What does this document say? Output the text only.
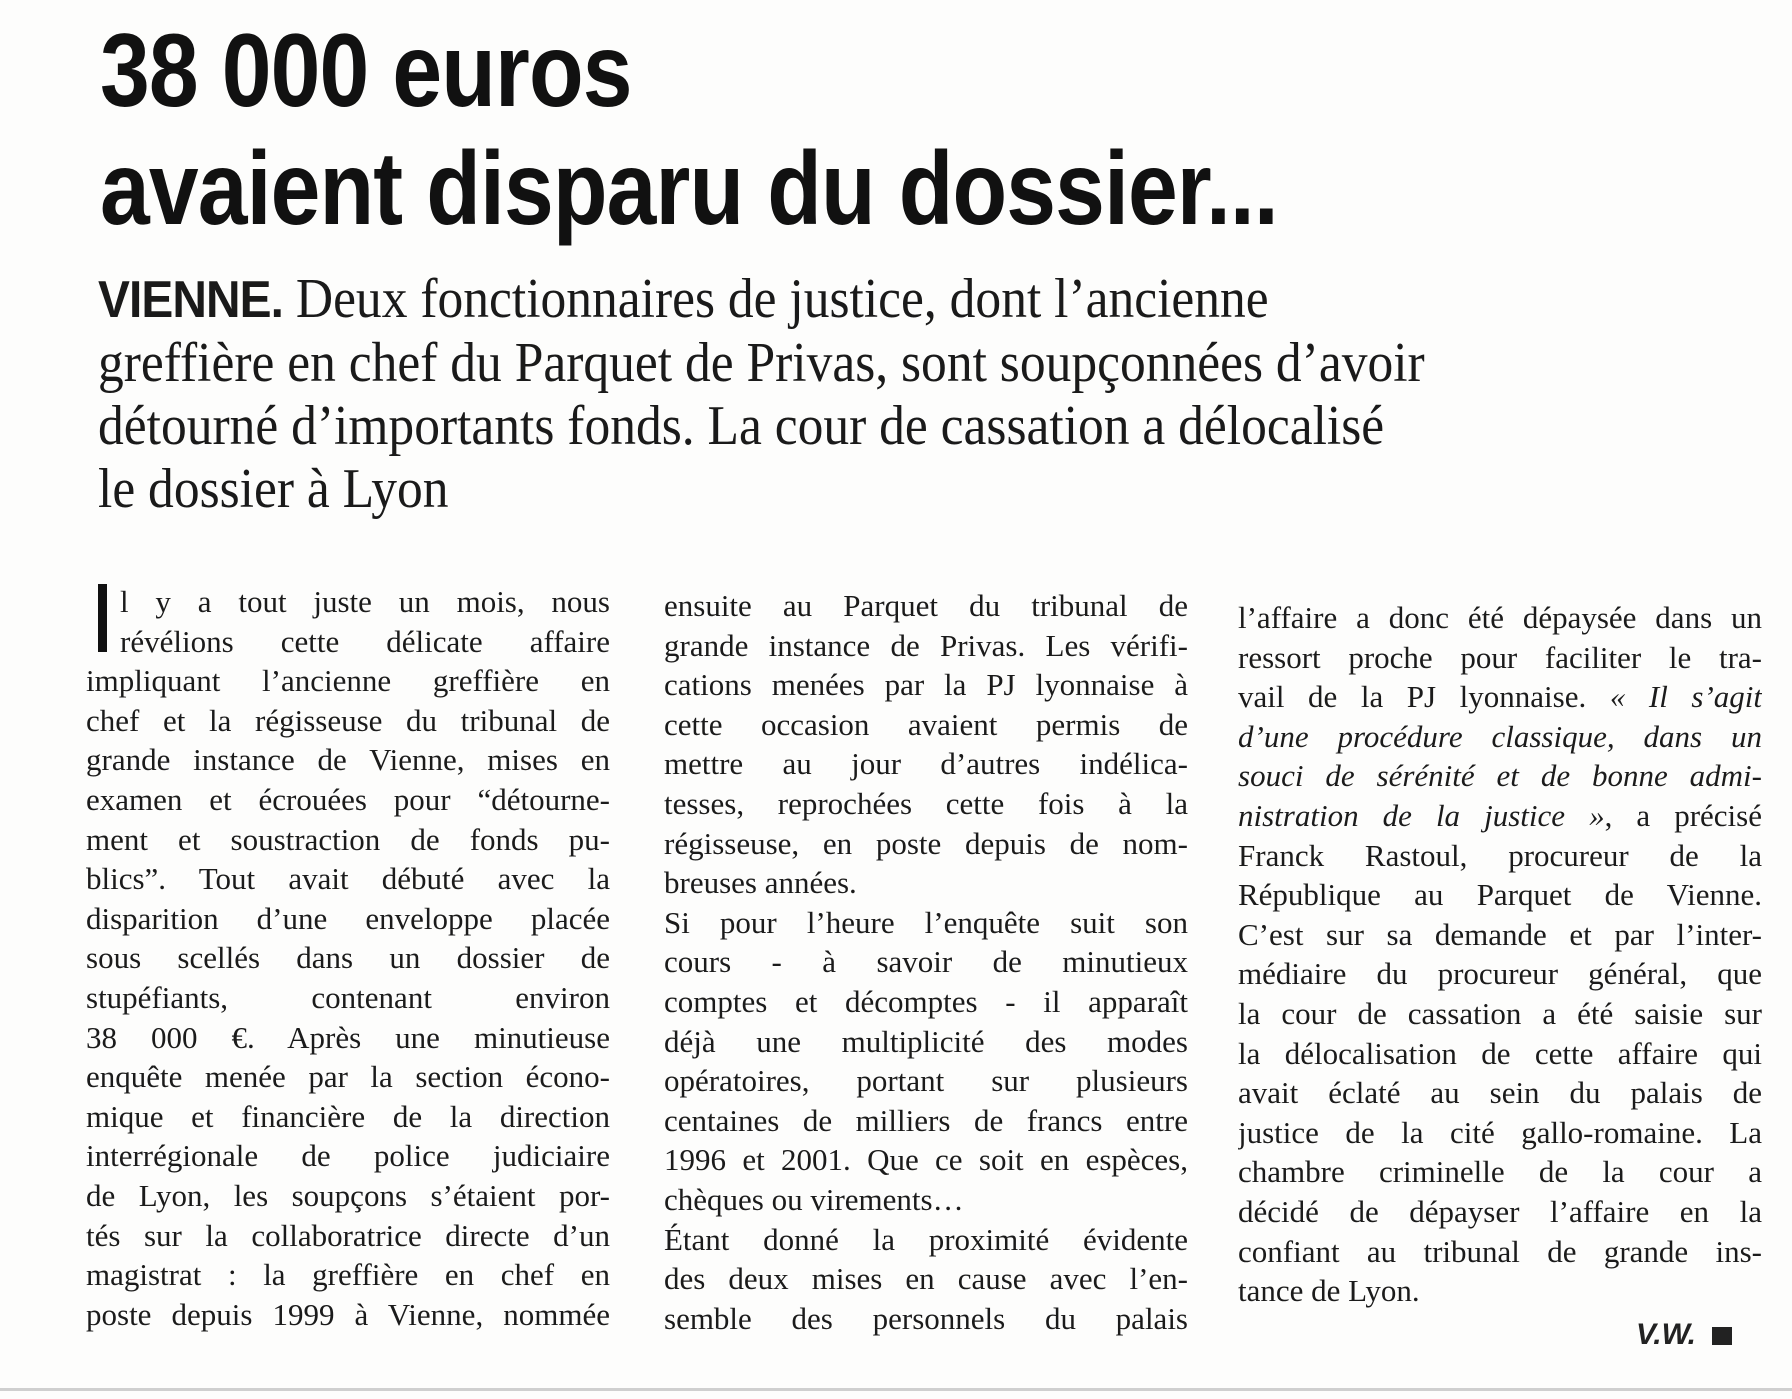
38 000 euros
avaient disparu du dossier...
VIENNE. Deux fonctionnaires de justice, dont l’ancienne
greffière en chef du Parquet de Privas, sont soupçonnées d’avoir
détourné d’importants fonds. La cour de cassation a délocalisé
le dossier à Lyon
l y a tout juste un mois, nous
révélions cette délicate affaire
impliquant l’ancienne greffière en
chef et la régisseuse du tribunal de
grande instance de Vienne, mises en
examen et écrouées pour “détourne-
ment et soustraction de fonds pu-
blics”. Tout avait débuté avec la
disparition d’une enveloppe placée
sous scellés dans un dossier de
stupéfiants, contenant environ
38 000 €. Après une minutieuse
enquête menée par la section écono-
mique et financière de la direction
interrégionale de police judiciaire
de Lyon, les soupçons s’étaient por-
tés sur la collaboratrice directe d’un
magistrat : la greffière en chef en
poste depuis 1999 à Vienne, nommée
ensuite au Parquet du tribunal de
grande instance de Privas. Les vérifi-
cations menées par la PJ lyonnaise à
cette occasion avaient permis de
mettre au jour d’autres indélica-
tesses, reprochées cette fois à la
régisseuse, en poste depuis de nom-
breuses années.
Si pour l’heure l’enquête suit son
cours - à savoir de minutieux
comptes et décomptes - il apparaît
déjà une multiplicité des modes
opératoires, portant sur plusieurs
centaines de milliers de francs entre
1996 et 2001. Que ce soit en espèces,
chèques ou virements…
Étant donné la proximité évidente
des deux mises en cause avec l’en-
semble des personnels du palais
l’affaire a donc été dépaysée dans un
ressort proche pour faciliter le tra-
vail de la PJ lyonnaise. « Il s’agit
d’une procédure classique, dans un
souci de sérénité et de bonne admi-
nistration de la justice », a précisé
Franck Rastoul, procureur de la
République au Parquet de Vienne.
C’est sur sa demande et par l’inter-
médiaire du procureur général, que
la cour de cassation a été saisie sur
la délocalisation de cette affaire qui
avait éclaté au sein du palais de
justice de la cité gallo-romaine. La
chambre criminelle de la cour a
décidé de dépayser l’affaire en la
confiant au tribunal de grande ins-
tance de Lyon.
V.W.
